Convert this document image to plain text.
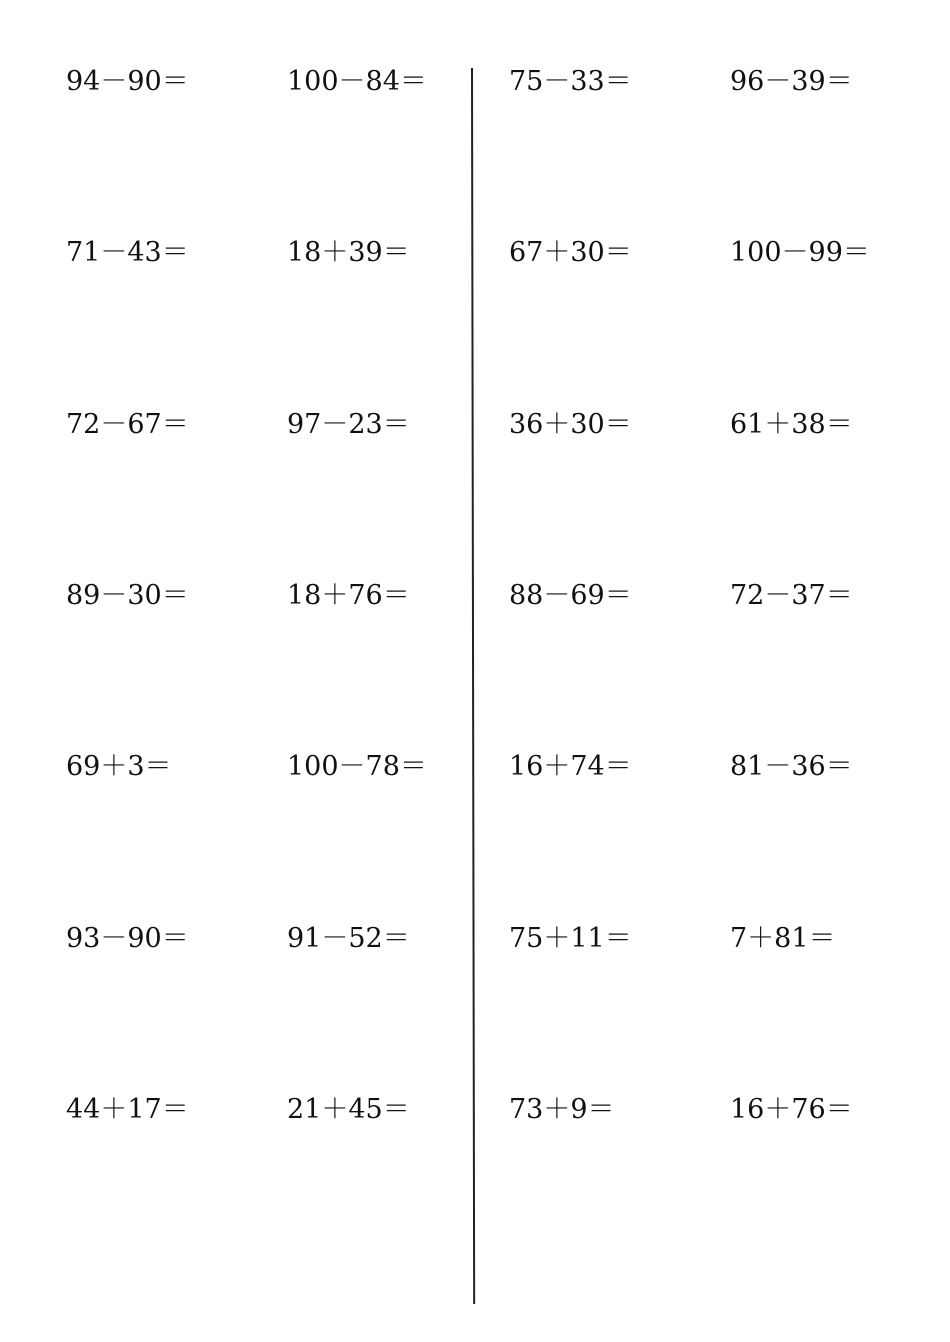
94－90＝	100－84＝	75－33＝	96－39＝
71－43＝	18＋39＝	67＋30＝	100－99＝
72－67＝	97－23＝	36＋30＝	61＋38＝
89－30＝	18＋76＝	88－69＝	72－37＝
69＋3＝	100－78＝	16＋74＝	81－36＝
93－90＝	91－52＝	75＋11＝	7＋81＝
44＋17＝	21＋45＝	73＋9＝	16＋76＝
